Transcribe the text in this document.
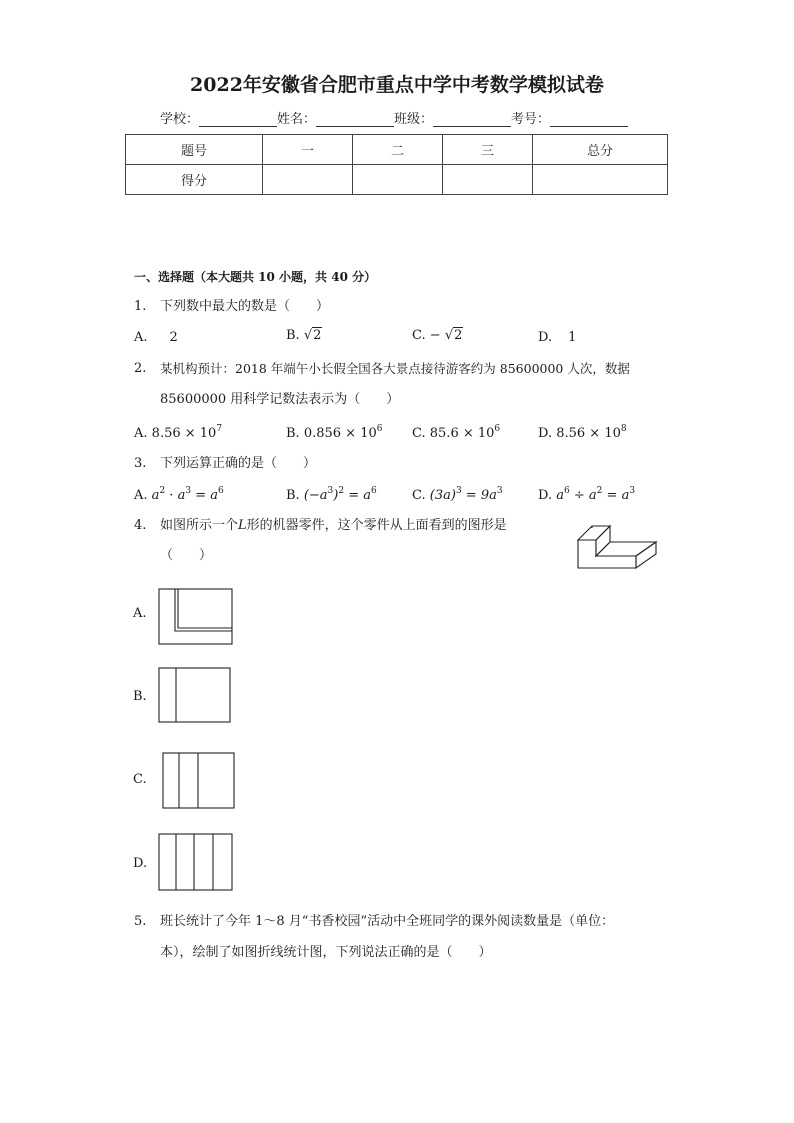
2022年安徽省合肥市重点中学中考数学模拟试卷
学校：	姓名：	班级：	考号：
题号	一	二	三	总分
得分				
一、选择题（本大题共 10 小题，共 40 分）
1. 下列数中最大的数是（　　）
A. 2	B. √2	C. − √2	D. 1
2. 某机构预计：2018 年端午小长假全国各大景点接待游客约为 85600000 人次，数据
85600000 用科学记数法表示为（　　）
A. $8.56 \times 10^7$	B. $0.856 \times 10^6$ C. $85.6 \times 10^6$	D. $8.56 \times 10^8$
3. 下列运算正确的是（　　）
A. $a^2 \cdot a^3 = a^6$	B. $(-a^3)^2 = a^6$	C. $(3a)^3 = 9a^3$	D. $a^6 \div a^2 = a^3$
4. 如图所示一个L形的机器零件，这个零件从上面看到的图形是
（　　）
A.
B.
C.
D.
5. 班长统计了今年 1～8 月“书香校园”活动中全班同学的课外阅读数量是（单位：
本），绘制了如图折线统计图，下列说法正确的是（　　）
